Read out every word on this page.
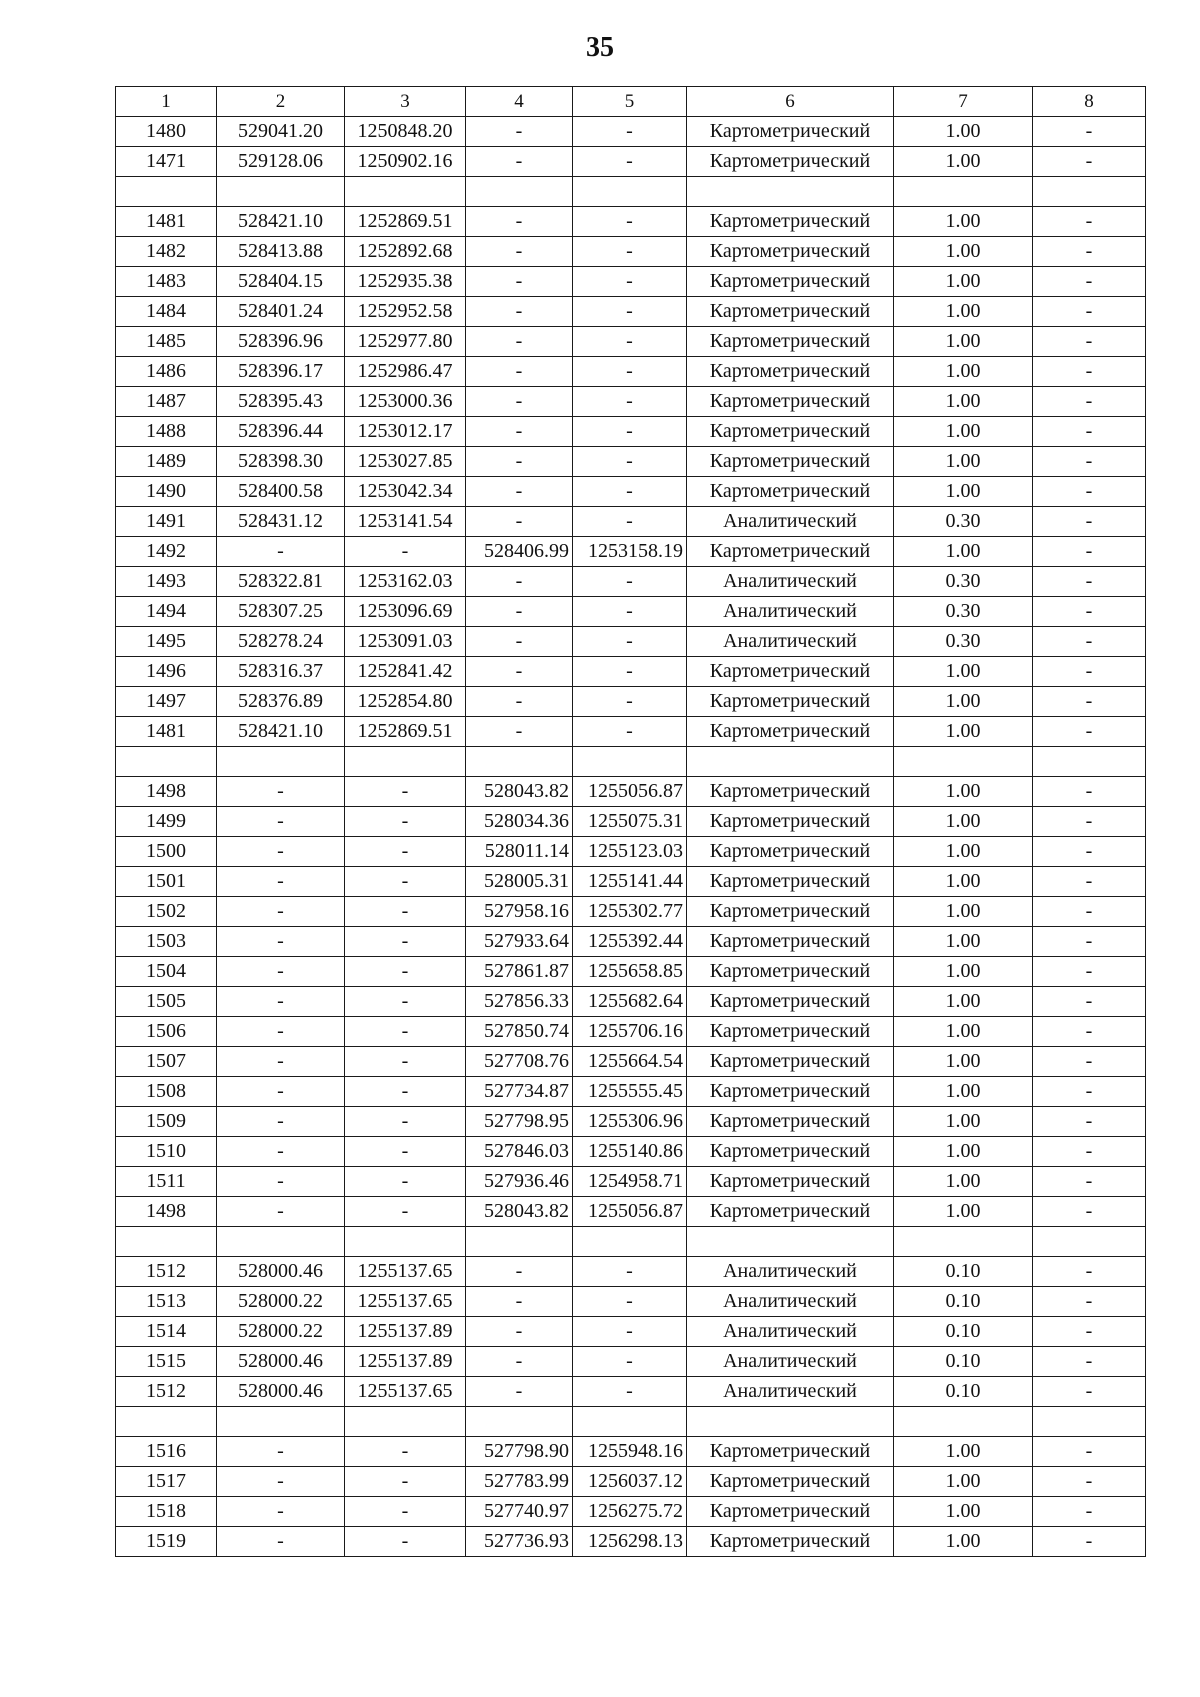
35
1	2	3	4	5	6	7	8
1480	529041.20	1250848.20	-	-	Картометрический	1.00	-
1471	529128.06	1250902.16	-	-	Картометрический	1.00	-

1481	528421.10	1252869.51	-	-	Картометрический	1.00	-
1482	528413.88	1252892.68	-	-	Картометрический	1.00	-
1483	528404.15	1252935.38	-	-	Картометрический	1.00	-
1484	528401.24	1252952.58	-	-	Картометрический	1.00	-
1485	528396.96	1252977.80	-	-	Картометрический	1.00	-
1486	528396.17	1252986.47	-	-	Картометрический	1.00	-
1487	528395.43	1253000.36	-	-	Картометрический	1.00	-
1488	528396.44	1253012.17	-	-	Картометрический	1.00	-
1489	528398.30	1253027.85	-	-	Картометрический	1.00	-
1490	528400.58	1253042.34	-	-	Картометрический	1.00	-
1491	528431.12	1253141.54	-	-	Аналитический	0.30	-
1492	-	-	528406.99	1253158.19	Картометрический	1.00	-
1493	528322.81	1253162.03	-	-	Аналитический	0.30	-
1494	528307.25	1253096.69	-	-	Аналитический	0.30	-
1495	528278.24	1253091.03	-	-	Аналитический	0.30	-
1496	528316.37	1252841.42	-	-	Картометрический	1.00	-
1497	528376.89	1252854.80	-	-	Картометрический	1.00	-
1481	528421.10	1252869.51	-	-	Картометрический	1.00	-

1498	-	-	528043.82	1255056.87	Картометрический	1.00	-
1499	-	-	528034.36	1255075.31	Картометрический	1.00	-
1500	-	-	528011.14	1255123.03	Картометрический	1.00	-
1501	-	-	528005.31	1255141.44	Картометрический	1.00	-
1502	-	-	527958.16	1255302.77	Картометрический	1.00	-
1503	-	-	527933.64	1255392.44	Картометрический	1.00	-
1504	-	-	527861.87	1255658.85	Картометрический	1.00	-
1505	-	-	527856.33	1255682.64	Картометрический	1.00	-
1506	-	-	527850.74	1255706.16	Картометрический	1.00	-
1507	-	-	527708.76	1255664.54	Картометрический	1.00	-
1508	-	-	527734.87	1255555.45	Картометрический	1.00	-
1509	-	-	527798.95	1255306.96	Картометрический	1.00	-
1510	-	-	527846.03	1255140.86	Картометрический	1.00	-
1511	-	-	527936.46	1254958.71	Картометрический	1.00	-
1498	-	-	528043.82	1255056.87	Картометрический	1.00	-

1512	528000.46	1255137.65	-	-	Аналитический	0.10	-
1513	528000.22	1255137.65	-	-	Аналитический	0.10	-
1514	528000.22	1255137.89	-	-	Аналитический	0.10	-
1515	528000.46	1255137.89	-	-	Аналитический	0.10	-
1512	528000.46	1255137.65	-	-	Аналитический	0.10	-

1516	-	-	527798.90	1255948.16	Картометрический	1.00	-
1517	-	-	527783.99	1256037.12	Картометрический	1.00	-
1518	-	-	527740.97	1256275.72	Картометрический	1.00	-
1519	-	-	527736.93	1256298.13	Картометрический	1.00	-
